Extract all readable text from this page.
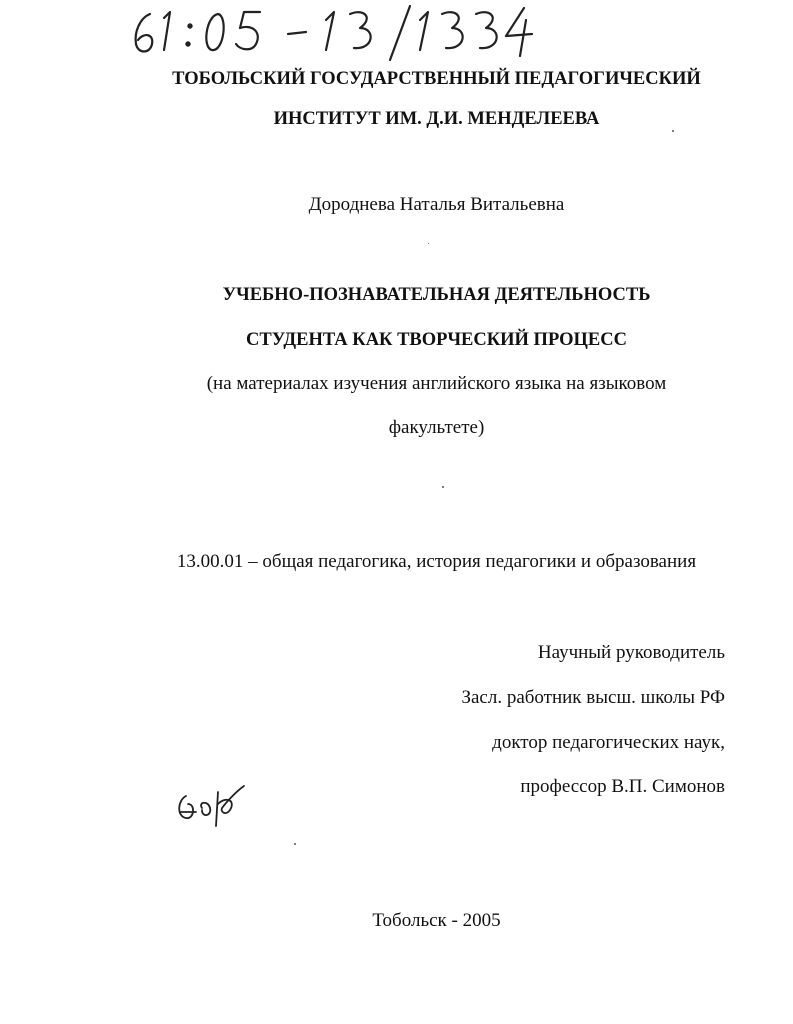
ТОБОЛЬСКИЙ ГОСУДАРСТВЕННЫЙ ПЕДАГОГИЧЕСКИЙ
ИНСТИТУТ ИМ. Д.И. МЕНДЕЛЕЕВА
Дороднева Наталья Витальевна
УЧЕБНО-ПОЗНАВАТЕЛЬНАЯ ДЕЯТЕЛЬНОСТЬ
СТУДЕНТА КАК ТВОРЧЕСКИЙ ПРОЦЕСС
(на материалах изучения английского языка на языковом
факультете)
13.00.01 – общая педагогика, история педагогики и образования
Научный руководитель
Засл. работник высш. школы РФ
доктор педагогических наук,
профессор В.П. Симонов
Тобольск - 2005
